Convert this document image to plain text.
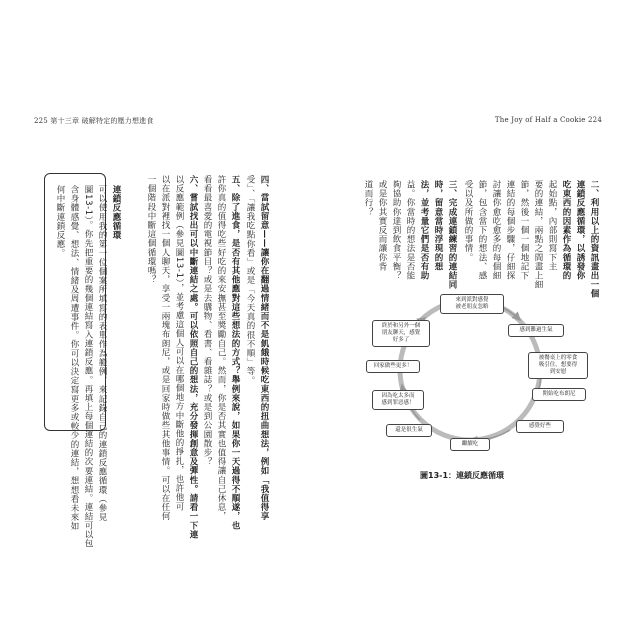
225 第十三章 破解特定的壓力想進食	The Joy of Half a Cookie 224
四、當試留意——讓你在翻過情緒而不是飢餓時候吃東西的扭曲想法，例如「我值得享
受」、「讓我吃點你看」或是「今天真的很不順」等。
五、除了進食，是否有其他應對這些想法的方式？舉例來說，如果你一天過得不順遂，也
許你真的值得吃些好吃的來安撫甚至獎勵自己。然而，你是否其實也值得讓自己休息，
看看最喜愛的電視節目？或是去購物、看書、看雜誌？或是到公園散步？
六、嘗試找出可以中斷連結之處。可以依照自己的想法，充分發揮創意及彈性。請看一下連
以反應範例（參見圖13-1），並考慮這個人可以在哪個地方中斷他的掙扎，也許他可
以在派對裡找一個人聊天，享受一兩塊布朗尼，或是回家時做些其他事情。可以在任何
一個階段中斷這個循環嗎？
連鎖反應循環
可以使用我的第一位個案所填寫的表單作為範例，來記錄自己的連鎖反應循環（參見
圖13-1）。你先把重要的幾個連結寫入連鎖反應。再填上每個連結的次要連結。連結可以包
含身體感覺、想法、情緒及周遭事件。你可以決定寫更多或較少的連結，想想看未來如
何中斷連鎖反應。	二、利用以上的資訊畫出一個
連鎖反應循環，以誘發你
吃東西的因素作為循環的
起始點，內部則寫下主
要的連結，兩點之間畫上細
節，然後一個一個地記下
連結的每個步驟，仔細探
討讓你愈吃愈多的每個細
節，包含當下的想法、感
受以及所做的事情。
三、完成連鎖練習的連結同
時，留意當時浮現的想
法，並考量它們是否有助
益。你當時的想法是否能
夠協助你達到飲食平衡？
或是你其實反而讓你背
道而行？
來到派對感覺
被老朋友忽略
感到難過生氣
被餐桌上的零食
吸引住，想要得
到安慰
開始吃布朗尼
感覺好些
繼續吃
還是很生氣
因為吃太多而
感到罪惡感！
回家做些更多！
終於和另外一個
朋友聊天，感覺
好多了
圖13-1：連鎖反應循環
